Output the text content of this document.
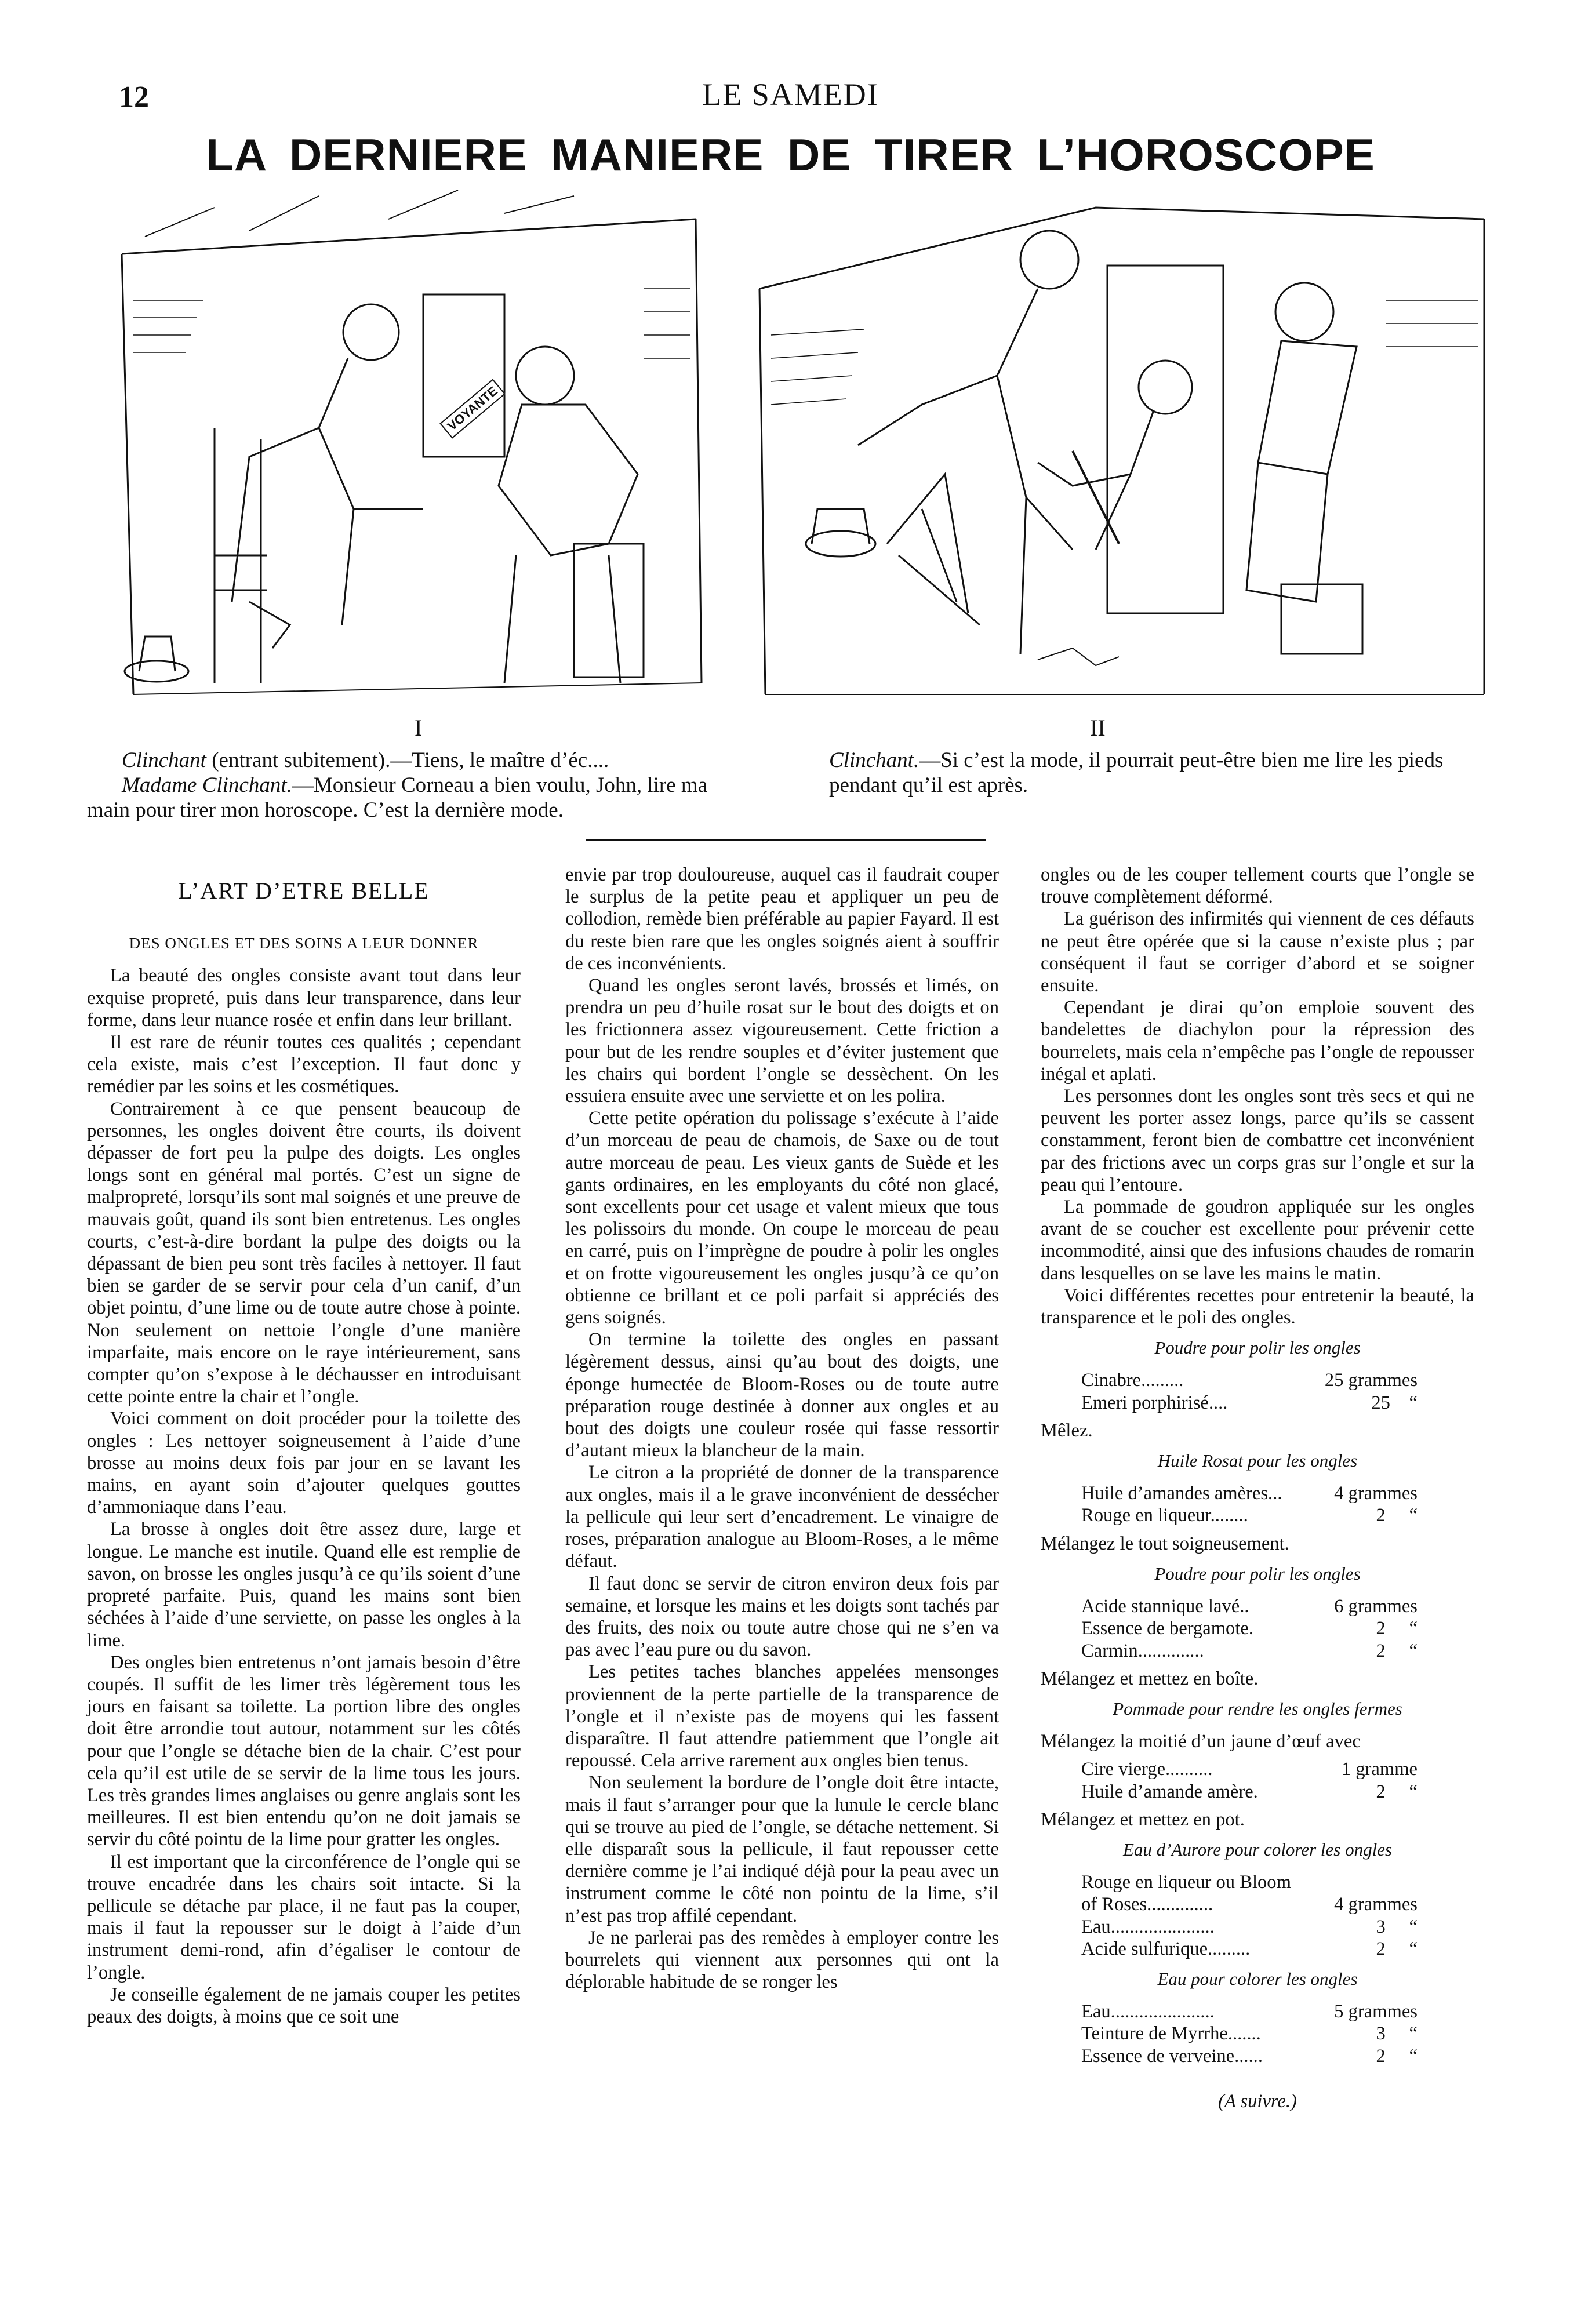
12	LE SAMEDI
LA DERNIERE MANIERE DE TIRER L’HOROSCOPE
VOYANTE
I	II

Clinchant (entrant subitement).—Tiens, le maître d’éc....

Madame Clinchant.—Monsieur Corneau a bien voulu, John, lire ma main pour tirer mon horoscope. C’est la dernière mode.

Clinchant.—Si c’est la mode, il pourrait peut-être bien me lire les pieds pendant qu’il est après.

L’ART D’ETRE BELLE
DES ONGLES ET DES SOINS A LEUR DONNER

La beauté des ongles consiste avant tout dans leur exquise propreté, puis dans leur transparence, dans leur forme, dans leur nuance rosée et enfin dans leur brillant.

Il est rare de réunir toutes ces qualités ; cependant cela existe, mais c’est l’exception. Il faut donc y remédier par les soins et les cosmétiques.

Contrairement à ce que pensent beaucoup de personnes, les ongles doivent être courts, ils doivent dépasser de fort peu la pulpe des doigts. Les ongles longs sont en général mal portés. C’est un signe de malpropreté, lorsqu’ils sont mal soignés et une preuve de mauvais goût, quand ils sont bien entretenus. Les ongles courts, c’est-à-dire bordant la pulpe des doigts ou la dépassant de bien peu sont très faciles à nettoyer. Il faut bien se garder de se servir pour cela d’un canif, d’un objet pointu, d’une lime ou de toute autre chose à pointe. Non seulement on nettoie l’ongle d’une manière imparfaite, mais encore on le raye intérieurement, sans compter qu’on s’expose à le déchausser en introduisant cette pointe entre la chair et l’ongle.

Voici comment on doit procéder pour la toilette des ongles : Les nettoyer soigneusement à l’aide d’une brosse au moins deux fois par jour en se lavant les mains, en ayant soin d’ajouter quelques gouttes d’ammoniaque dans l’eau.

La brosse à ongles doit être assez dure, large et longue. Le manche est inutile. Quand elle est remplie de savon, on brosse les ongles jusqu’à ce qu’ils soient d’une propreté parfaite. Puis, quand les mains sont bien séchées à l’aide d’une serviette, on passe les ongles à la lime.

Des ongles bien entretenus n’ont jamais besoin d’être coupés. Il suffit de les limer très légèrement tous les jours en faisant sa toilette. La portion libre des ongles doit être arrondie tout autour, notamment sur les côtés pour que l’ongle se détache bien de la chair. C’est pour cela qu’il est utile de se servir de la lime tous les jours. Les très grandes limes anglaises ou genre anglais sont les meilleures. Il est bien entendu qu’on ne doit jamais se servir du côté pointu de la lime pour gratter les ongles.

Il est important que la circonférence de l’ongle qui se trouve encadrée dans les chairs soit intacte. Si la pellicule se détache par place, il ne faut pas la couper, mais il faut la repousser sur le doigt à l’aide d’un instrument demi-rond, afin d’égaliser le contour de l’ongle.

Je conseille également de ne jamais couper les petites peaux des doigts, à moins que ce soit une

envie par trop douloureuse, auquel cas il faudrait couper le surplus de la petite peau et appliquer un peu de collodion, remède bien préférable au papier Fayard. Il est du reste bien rare que les ongles soignés aient à souffrir de ces inconvénients.

Quand les ongles seront lavés, brossés et limés, on prendra un peu d’huile rosat sur le bout des doigts et on les frictionnera assez vigoureusement. Cette friction a pour but de les rendre souples et d’éviter justement que les chairs qui bordent l’ongle se dessèchent. On les essuiera ensuite avec une serviette et on les polira.

Cette petite opération du polissage s’exécute à l’aide d’un morceau de peau de chamois, de Saxe ou de tout autre morceau de peau. Les vieux gants de Suède et les gants ordinaires, en les employants du côté non glacé, sont excellents pour cet usage et valent mieux que tous les polissoirs du monde. On coupe le morceau de peau en carré, puis on l’imprègne de poudre à polir les ongles et on frotte vigoureusement les ongles jusqu’à ce qu’on obtienne ce brillant et ce poli parfait si appréciés des gens soignés.

On termine la toilette des ongles en passant légèrement dessus, ainsi qu’au bout des doigts, une éponge humectée de Bloom-Roses ou de toute autre préparation rouge destinée à donner aux ongles et au bout des doigts une couleur rosée qui fasse ressortir d’autant mieux la blancheur de la main.

Le citron a la propriété de donner de la transparence aux ongles, mais il a le grave inconvénient de dessécher la pellicule qui leur sert d’encadrement. Le vinaigre de roses, préparation analogue au Bloom-Roses, a le même défaut.

Il faut donc se servir de citron environ deux fois par semaine, et lorsque les mains et les doigts sont tachés par des fruits, des noix ou toute autre chose qui ne s’en va pas avec l’eau pure ou du savon.

Les petites taches blanches appelées mensonges proviennent de la perte partielle de la transparence de l’ongle et il n’existe pas de moyens qui les fassent disparaître. Il faut attendre patiemment que l’ongle ait repoussé. Cela arrive rarement aux ongles bien tenus.

Non seulement la bordure de l’ongle doit être intacte, mais il faut s’arranger pour que la lunule le cercle blanc qui se trouve au pied de l’ongle, se détache nettement. Si elle disparaît sous la pellicule, il faut repousser cette dernière comme je l’ai indiqué déjà pour la peau avec un instrument comme le côté non pointu de la lime, s’il n’est pas trop affilé cependant.

Je ne parlerai pas des remèdes à employer contre les bourrelets qui viennent aux personnes qui ont la déplorable habitude de se ronger les

ongles ou de les couper tellement courts que l’ongle se trouve complètement déformé.

La guérison des infirmités qui viennent de ces défauts ne peut être opérée que si la cause n’existe plus ; par conséquent il faut se corriger d’abord et se soigner ensuite.

Cependant je dirai qu’on emploie souvent des bandelettes de diachylon pour la répression des bourrelets, mais cela n’empêche pas l’ongle de repousser inégal et aplati.

Les personnes dont les ongles sont très secs et qui ne peuvent les porter assez longs, parce qu’ils se cassent constamment, feront bien de combattre cet inconvénient par des frictions avec un corps gras sur l’ongle et sur la peau qui l’entoure.

La pommade de goudron appliquée sur les ongles avant de se coucher est excellente pour prévenir cette incommodité, ainsi que des infusions chaudes de romarin dans lesquelles on se lave les mains le matin.

Voici différentes recettes pour entretenir la beauté, la transparence et le poli des ongles.

Poudre pour polir les ongles
Cinabre.........	25 grammes
Emeri porphirisé....	25    “

Mêlez.

Huile Rosat pour les ongles
Huile d’amandes amères...	4 grammes
Rouge en liqueur........	2     “

Mélangez le tout soigneusement.

Poudre pour polir les ongles
Acide stannique lavé..	6 grammes
Essence de bergamote.	2     “
Carmin..............	2     “

Mélangez et mettez en boîte.

Pommade pour rendre les ongles fermes

Mélangez la moitié d’un jaune d’œuf avec

Cire vierge..........	1 gramme
Huile d’amande amère.	2     “

Mélangez et mettez en pot.

Eau d’Aurore pour colorer les ongles
Rouge en liqueur ou Bloom
of Roses..............	4 grammes
Eau......................	3     “
Acide sulfurique.........	2     “
Eau pour colorer les ongles
Eau......................	5 grammes
Teinture de Myrrhe.......	3     “
Essence de verveine......	2     “

(A suivre.)
